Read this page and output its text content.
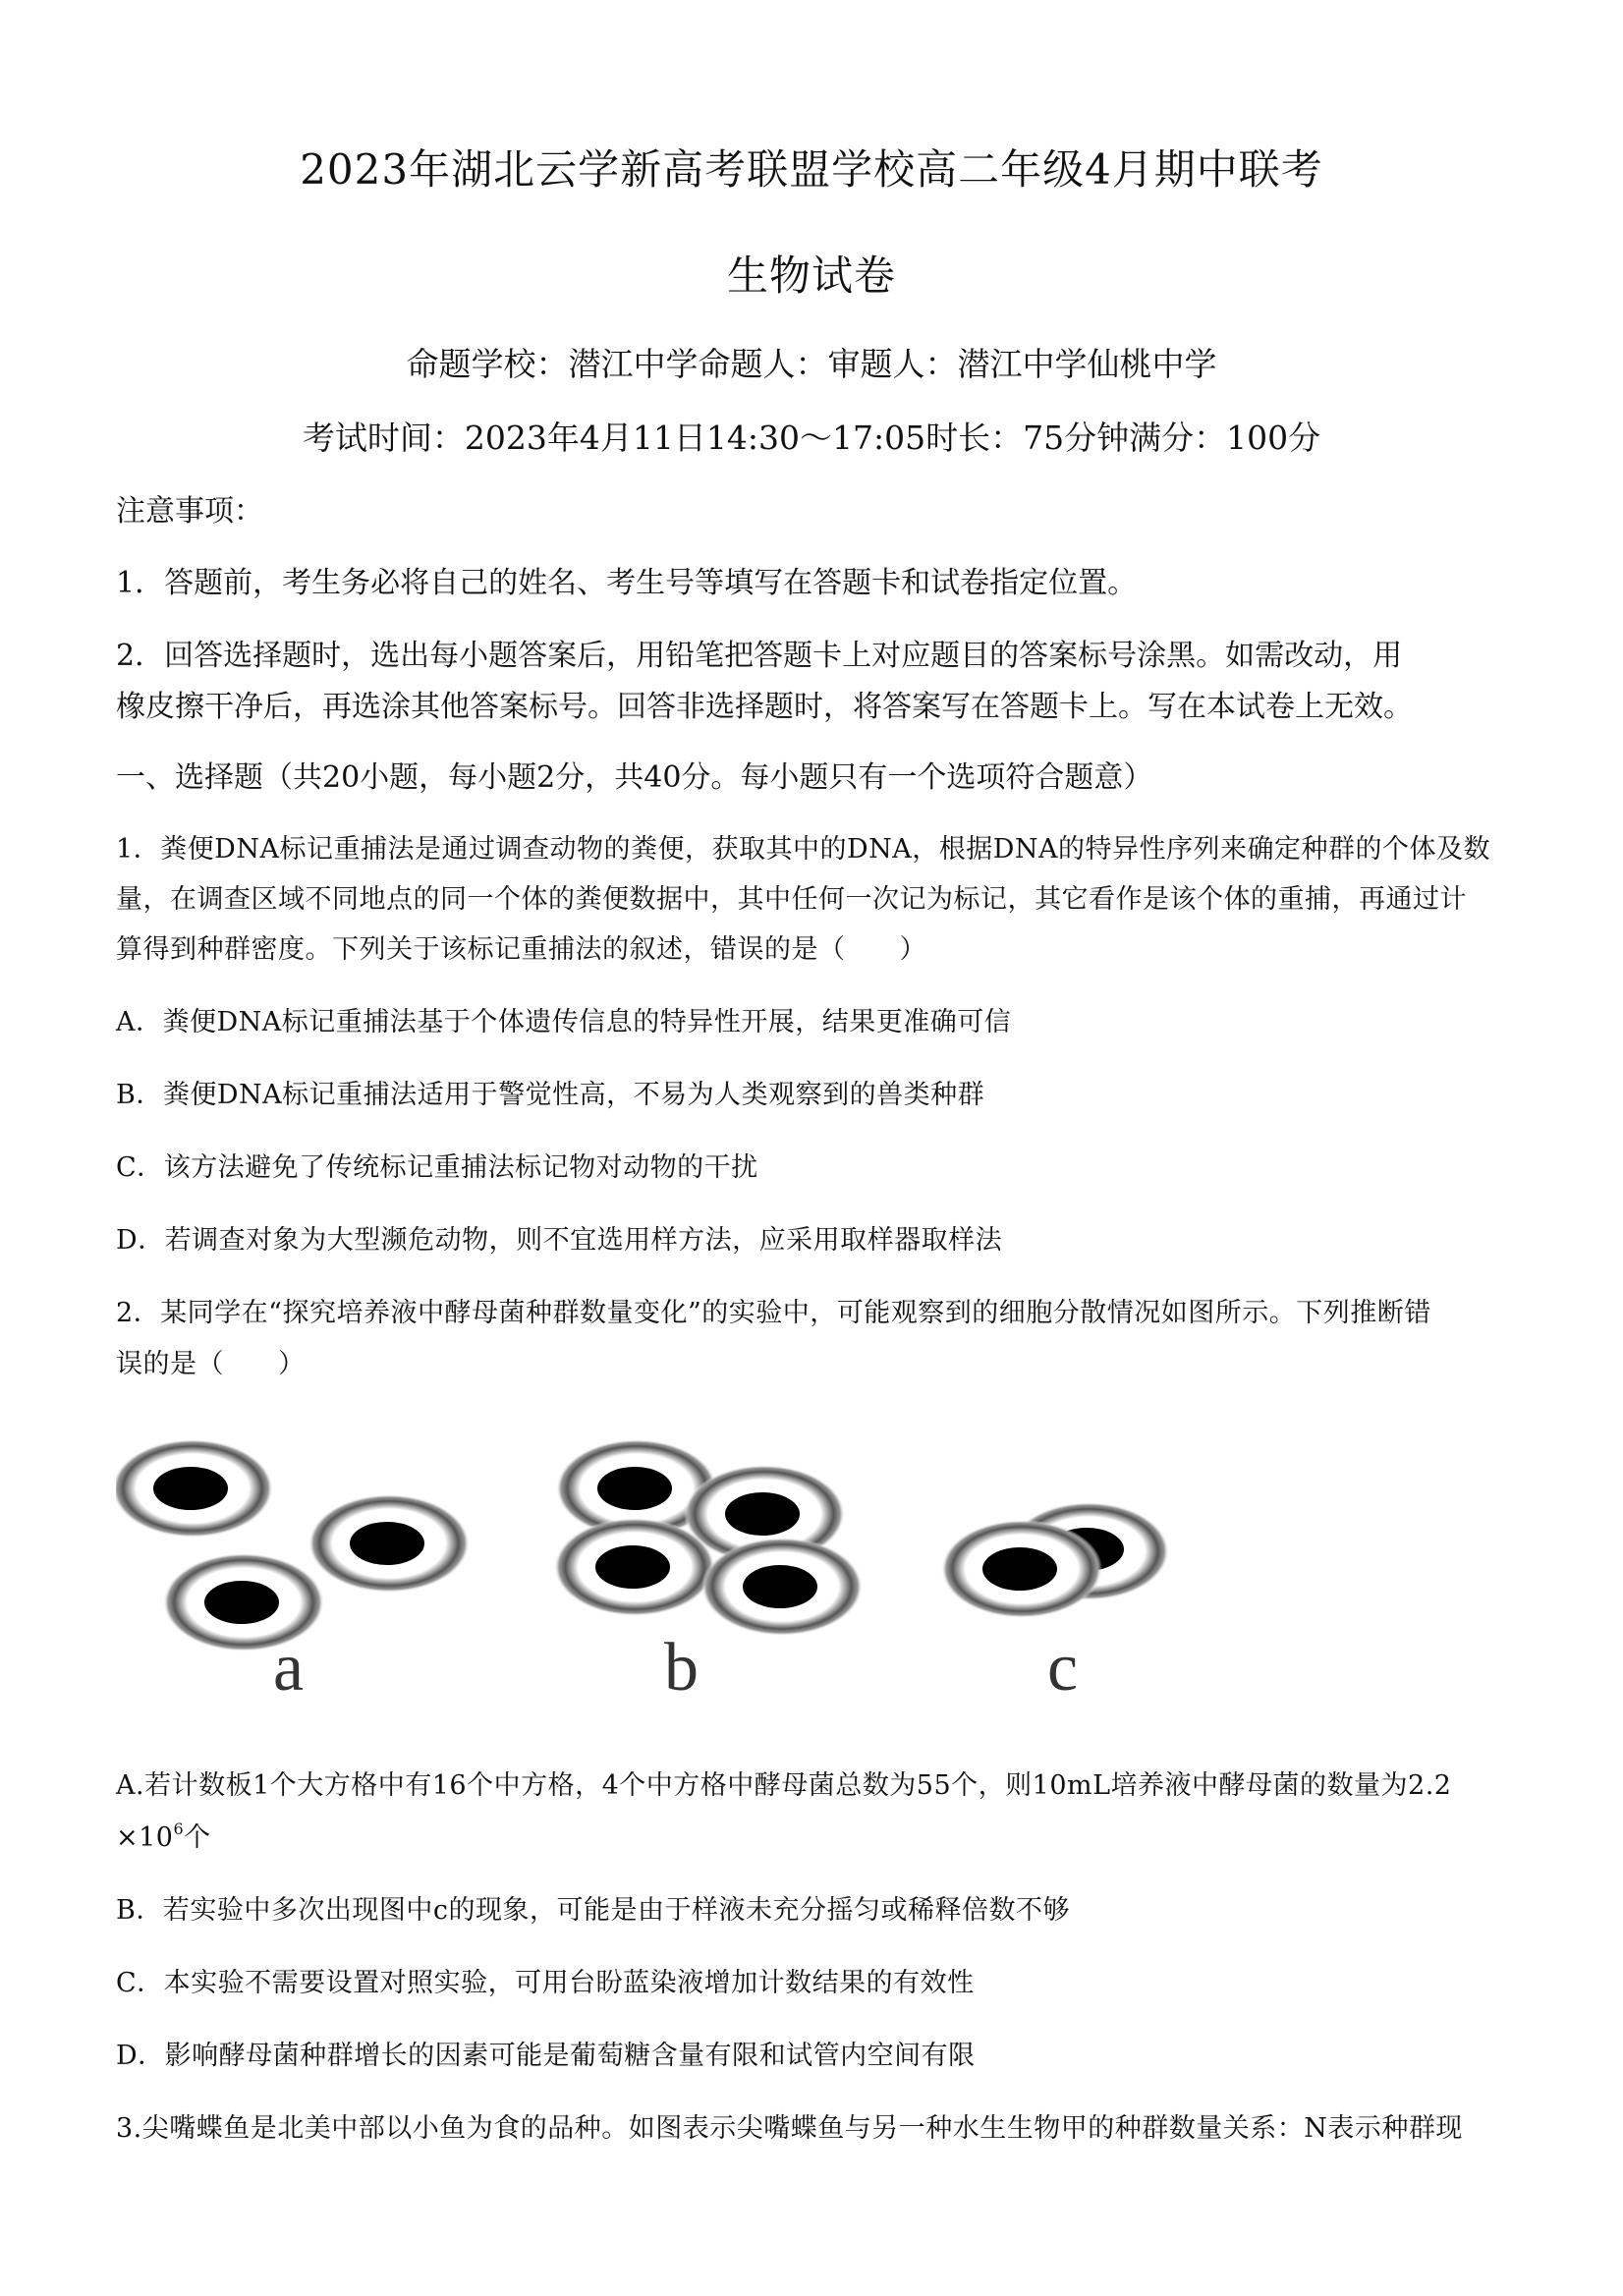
2023年湖北云学新高考联盟学校高二年级4月期中联考
生物试卷
命题学校：潜江中学命题人：审题人：潜江中学仙桃中学
考试时间：2023年4月11日14:30～17:05时长：75分钟满分：100分
注意事项：
1．答题前，考生务必将自己的姓名、考生号等填写在答题卡和试卷指定位置。
2．回答选择题时，选出每小题答案后，用铅笔把答题卡上对应题目的答案标号涂黑。如需改动，用
橡皮擦干净后，再选涂其他答案标号。回答非选择题时，将答案写在答题卡上。写在本试卷上无效。
一、选择题（共20小题，每小题2分，共40分。每小题只有一个选项符合题意）
1．粪便DNA标记重捕法是通过调查动物的粪便，获取其中的DNA，根据DNA的特异性序列来确定种群的个体及数
量，在调查区域不同地点的同一个体的粪便数据中，其中任何一次记为标记，其它看作是该个体的重捕，再通过计
算得到种群密度。下列关于该标记重捕法的叙述，错误的是（　　）
A．粪便DNA标记重捕法基于个体遗传信息的特异性开展，结果更准确可信
B．粪便DNA标记重捕法适用于警觉性高，不易为人类观察到的兽类种群
C．该方法避免了传统标记重捕法标记物对动物的干扰
D．若调查对象为大型濒危动物，则不宜选用样方法，应采用取样器取样法
2．某同学在“探究培养液中酵母菌种群数量变化”的实验中，可能观察到的细胞分散情况如图所示。下列推断错
误的是（　　）
a	b	c
A.若计数板1个大方格中有16个中方格，4个中方格中酵母菌总数为55个，则10mL培养液中酵母菌的数量为2.2
$\times 10^6$个
B．若实验中多次出现图中c的现象，可能是由于样液未充分摇匀或稀释倍数不够
C．本实验不需要设置对照实验，可用台盼蓝染液增加计数结果的有效性
D．影响酵母菌种群增长的因素可能是葡萄糖含量有限和试管内空间有限
3.尖嘴蝶鱼是北美中部以小鱼为食的品种。如图表示尖嘴蝶鱼与另一种水生生物甲的种群数量关系：N表示种群现
